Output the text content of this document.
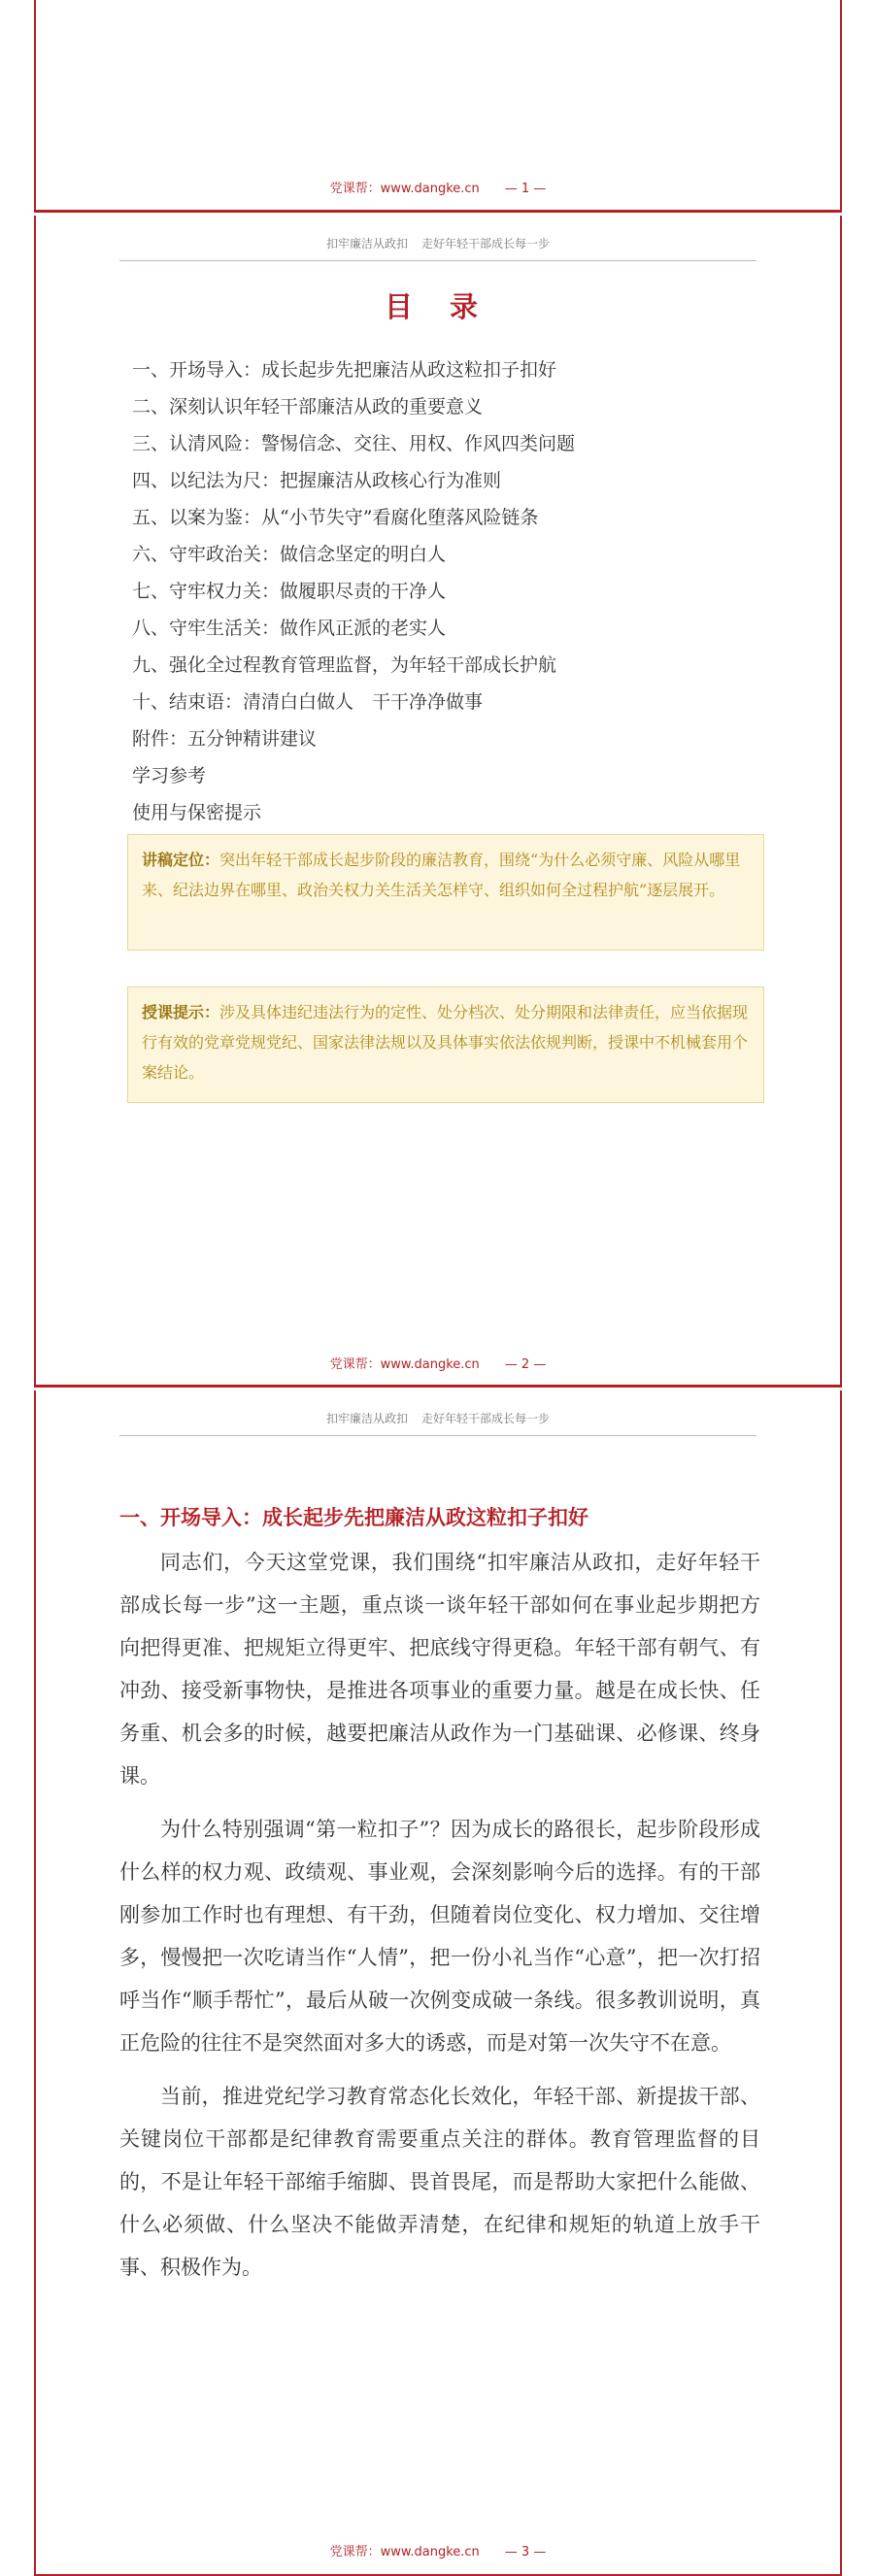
党课帮：www.dangke.cn — 1 —
扣牢廉洁从政扣 走好年轻干部成长每一步
目 录
一、开场导入：成长起步先把廉洁从政这粒扣子扣好
二、深刻认识年轻干部廉洁从政的重要意义
三、认清风险：警惕信念、交往、用权、作风四类问题
四、以纪法为尺：把握廉洁从政核心行为准则
五、以案为鉴：从“小节失守”看腐化堕落风险链条
六、守牢政治关：做信念坚定的明白人
七、守牢权力关：做履职尽责的干净人
八、守牢生活关：做作风正派的老实人
九、强化全过程教育管理监督，为年轻干部成长护航
十、结束语：清清白白做人　干干净净做事
附件：五分钟精讲建议
学习参考
使用与保密提示
讲稿定位：突出年轻干部成长起步阶段的廉洁教育，围绕“为什么必须守廉、风险从哪里来、纪法边界在哪里、政治关权力关生活关怎样守、组织如何全过程护航”逐层展开。
授课提示：涉及具体违纪违法行为的定性、处分档次、处分期限和法律责任，应当依据现行有效的党章党规党纪、国家法律法规以及具体事实依法依规判断，授课中不机械套用个案结论。
党课帮：www.dangke.cn — 2 —
扣牢廉洁从政扣 走好年轻干部成长每一步
一、开场导入：成长起步先把廉洁从政这粒扣子扣好

同志们，今天这堂党课，我们围绕“扣牢廉洁从政扣，走好年轻干部成长每一步”这一主题，重点谈一谈年轻干部如何在事业起步期把方向把得更准、把规矩立得更牢、把底线守得更稳。年轻干部有朝气、有冲劲、接受新事物快，是推进各项事业的重要力量。越是在成长快、任务重、机会多的时候，越要把廉洁从政作为一门基础课、必修课、终身课。

为什么特别强调“第一粒扣子”？因为成长的路很长，起步阶段形成什么样的权力观、政绩观、事业观，会深刻影响今后的选择。有的干部刚参加工作时也有理想、有干劲，但随着岗位变化、权力增加、交往增多，慢慢把一次吃请当作“人情”，把一份小礼当作“心意”，把一次打招呼当作“顺手帮忙”，最后从破一次例变成破一条线。很多教训说明，真正危险的往往不是突然面对多大的诱惑，而是对第一次失守不在意。

当前，推进党纪学习教育常态化长效化，年轻干部、新提拔干部、关键岗位干部都是纪律教育需要重点关注的群体。教育管理监督的目的，不是让年轻干部缩手缩脚、畏首畏尾，而是帮助大家把什么能做、什么必须做、什么坚决不能做弄清楚，在纪律和规矩的轨道上放手干事、积极作为。

党课帮：www.dangke.cn — 3 —
